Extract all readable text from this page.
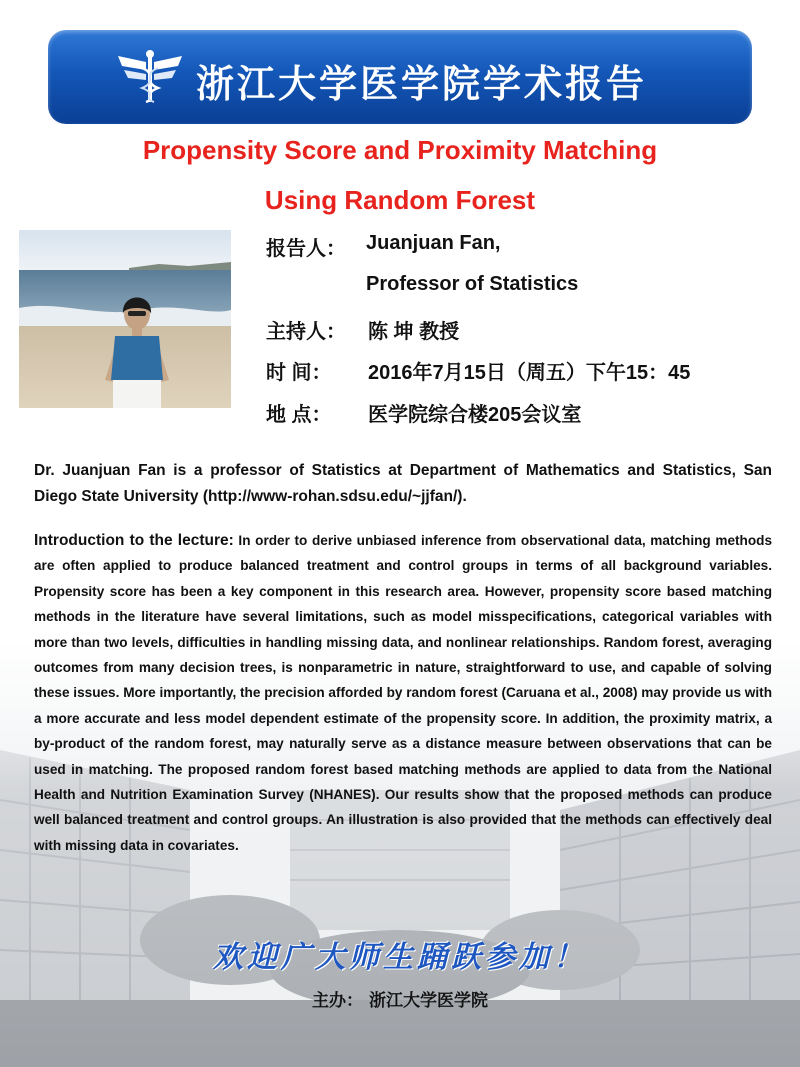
浙江大学医学院学术报告
Propensity Score and Proximity Matching
Using Random Forest
报告人： Juanjuan Fan,
Professor of Statistics
主持人： 陈 坤 教授
时 间： 2016年7月15日（周五）下午15：45
地 点： 医学院综合楼205会议室
Dr. Juanjuan Fan is a professor of Statistics at Department of Mathematics and Statistics, San Diego State University (http://www-rohan.sdsu.edu/~jjfan/).
Introduction to the lecture: In order to derive unbiased inference from observational data, matching methods are often applied to produce balanced treatment and control groups in terms of all background variables. Propensity score has been a key component in this research area. However, propensity score based matching methods in the literature have several limitations, such as model misspecifications, categorical variables with more than two levels, difficulties in handling missing data, and nonlinear relationships. Random forest, averaging outcomes from many decision trees, is nonparametric in nature, straightforward to use, and capable of solving these issues. More importantly, the precision afforded by random forest (Caruana et al., 2008) may provide us with a more accurate and less model dependent estimate of the propensity score. In addition, the proximity matrix, a by-product of the random forest, may naturally serve as a distance measure between observations that can be used in matching. The proposed random forest based matching methods are applied to data from the National Health and Nutrition Examination Survey (NHANES). Our results show that the proposed methods can produce well balanced treatment and control groups. An illustration is also provided that the methods can effectively deal with missing data in covariates.
欢迎广大师生踊跃参加！
主办： 浙江大学医学院
